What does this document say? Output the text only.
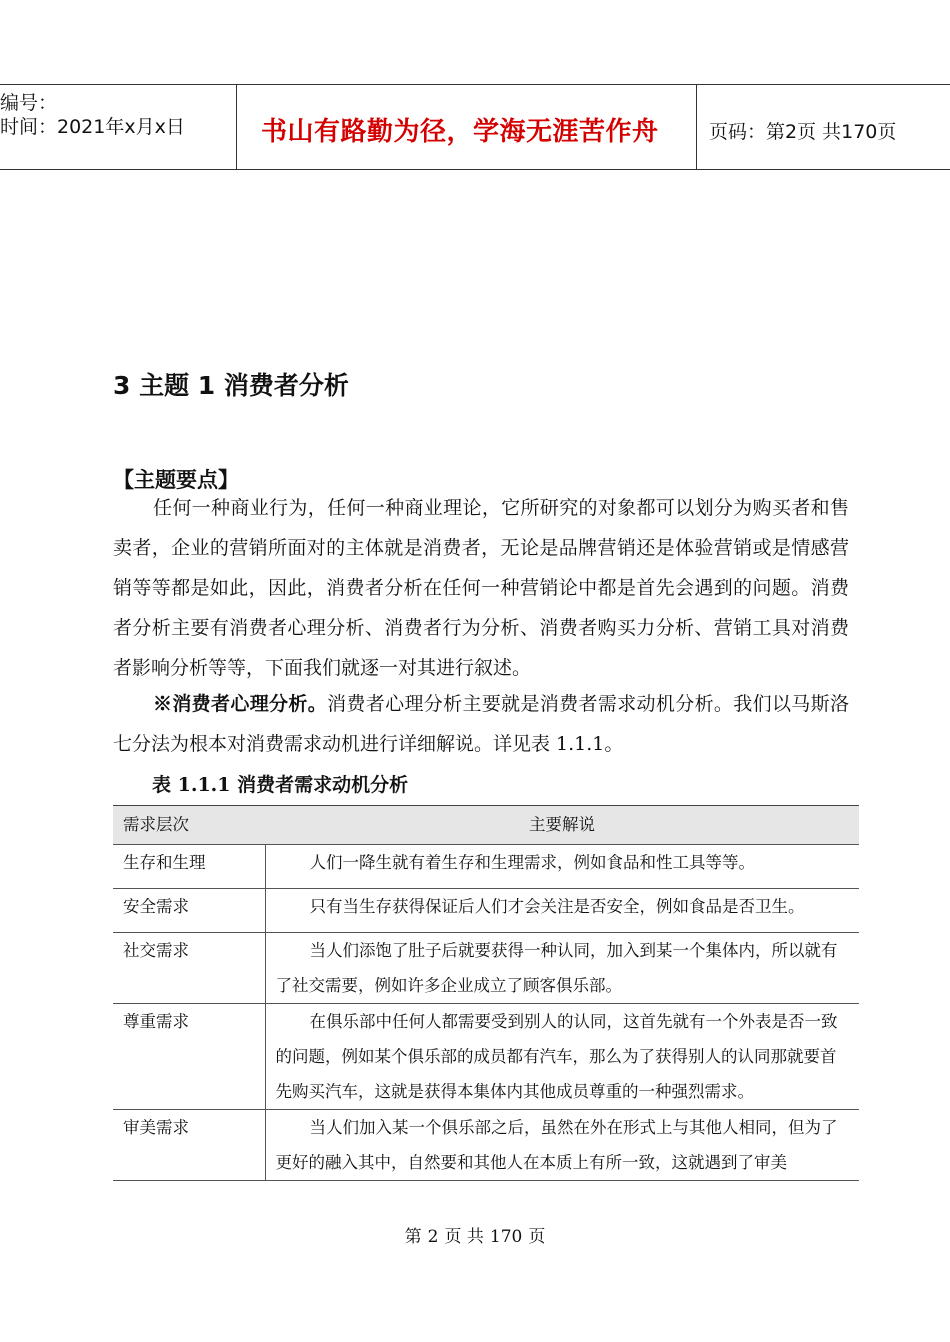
编号：
时间：2021年x月x日	书山有路勤为径，学海无涯苦作舟	页码：第2页 共170页
3 主题 1 消费者分析
【主题要点】

任何一种商业行为，任何一种商业理论，它所研究的对象都可以划分为购买者和售卖者，企业的营销所面对的主体就是消费者，无论是品牌营销还是体验营销或是情感营销等等都是如此，因此，消费者分析在任何一种营销论中都是首先会遇到的问题。消费者分析主要有消费者心理分析、消费者行为分析、消费者购买力分析、营销工具对消费者影响分析等等，下面我们就逐一对其进行叙述。

※消费者心理分析。消费者心理分析主要就是消费者需求动机分析。我们以马斯洛七分法为根本对消费需求动机进行详细解说。详见表 1.1.1。

表 1.1.1 消费者需求动机分析
需求层次	主要解说

生存和生理	人们一降生就有着生存和生理需求，例如食品和性工具等等。

安全需求	只有当生存获得保证后人们才会关注是否安全，例如食品是否卫生。

社交需求	当人们添饱了肚子后就要获得一种认同，加入到某一个集体内，所以就有了社交需要，例如许多企业成立了顾客俱乐部。

尊重需求	在俱乐部中任何人都需要受到别人的认同，这首先就有一个外表是否一致的问题，例如某个俱乐部的成员都有汽车，那么为了获得别人的认同那就要首先购买汽车，这就是获得本集体内其他成员尊重的一种强烈需求。

审美需求	当人们加入某一个俱乐部之后，虽然在外在形式上与其他人相同，但为了更好的融入其中，自然要和其他人在本质上有所一致，这就遇到了审美
第 2 页 共 170 页
